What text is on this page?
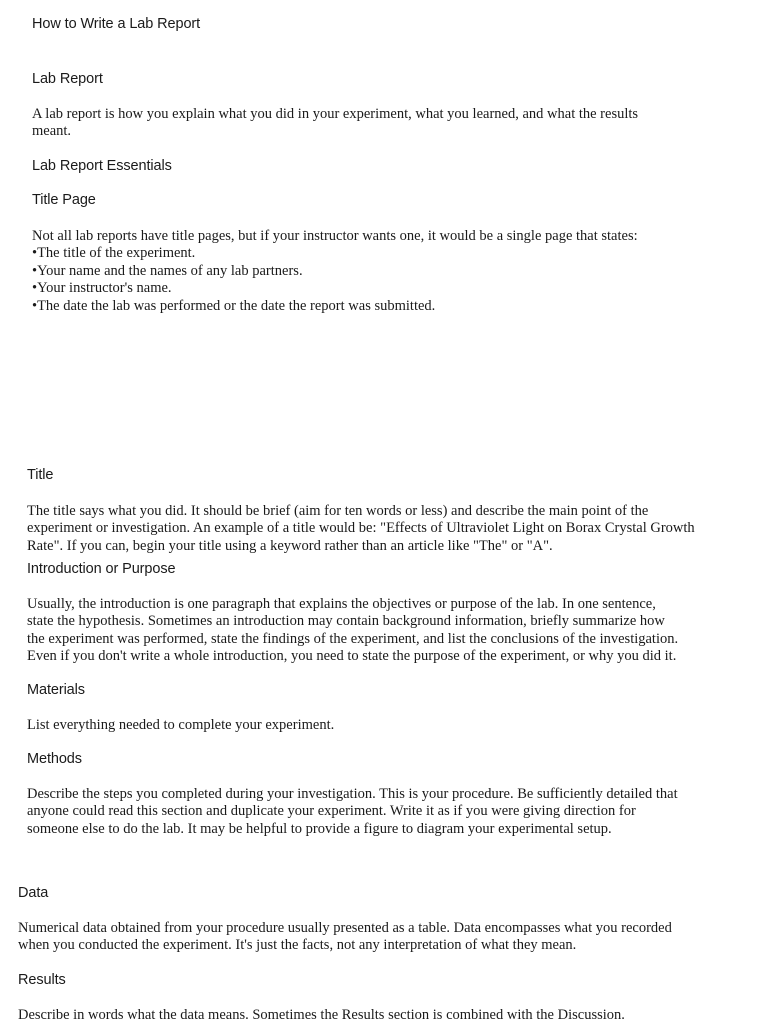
How to Write a Lab Report
Lab Report
A lab report is how you explain what you did in your experiment, what you learned, and what the results
meant.
Lab Report Essentials
Title Page
Not all lab reports have title pages, but if your instructor wants one, it would be a single page that states:
•The title of the experiment.
•Your name and the names of any lab partners.
•Your instructor's name.
•The date the lab was performed or the date the report was submitted.
Title
The title says what you did. It should be brief (aim for ten words or less) and describe the main point of the
experiment or investigation. An example of a title would be: "Effects of Ultraviolet Light on Borax Crystal Growth
Rate". If you can, begin your title using a keyword rather than an article like "The" or "A".
Introduction or Purpose
Usually, the introduction is one paragraph that explains the objectives or purpose of the lab. In one sentence,
state the hypothesis. Sometimes an introduction may contain background information, briefly summarize how
the experiment was performed, state the findings of the experiment, and list the conclusions of the investigation.
Even if you don't write a whole introduction, you need to state the purpose of the experiment, or why you did it.
Materials
List everything needed to complete your experiment.
Methods
Describe the steps you completed during your investigation. This is your procedure. Be sufficiently detailed that
anyone could read this section and duplicate your experiment. Write it as if you were giving direction for
someone else to do the lab. It may be helpful to provide a figure to diagram your experimental setup.
Data
Numerical data obtained from your procedure usually presented as a table. Data encompasses what you recorded
when you conducted the experiment. It's just the facts, not any interpretation of what they mean.
Results
Describe in words what the data means. Sometimes the Results section is combined with the Discussion.
